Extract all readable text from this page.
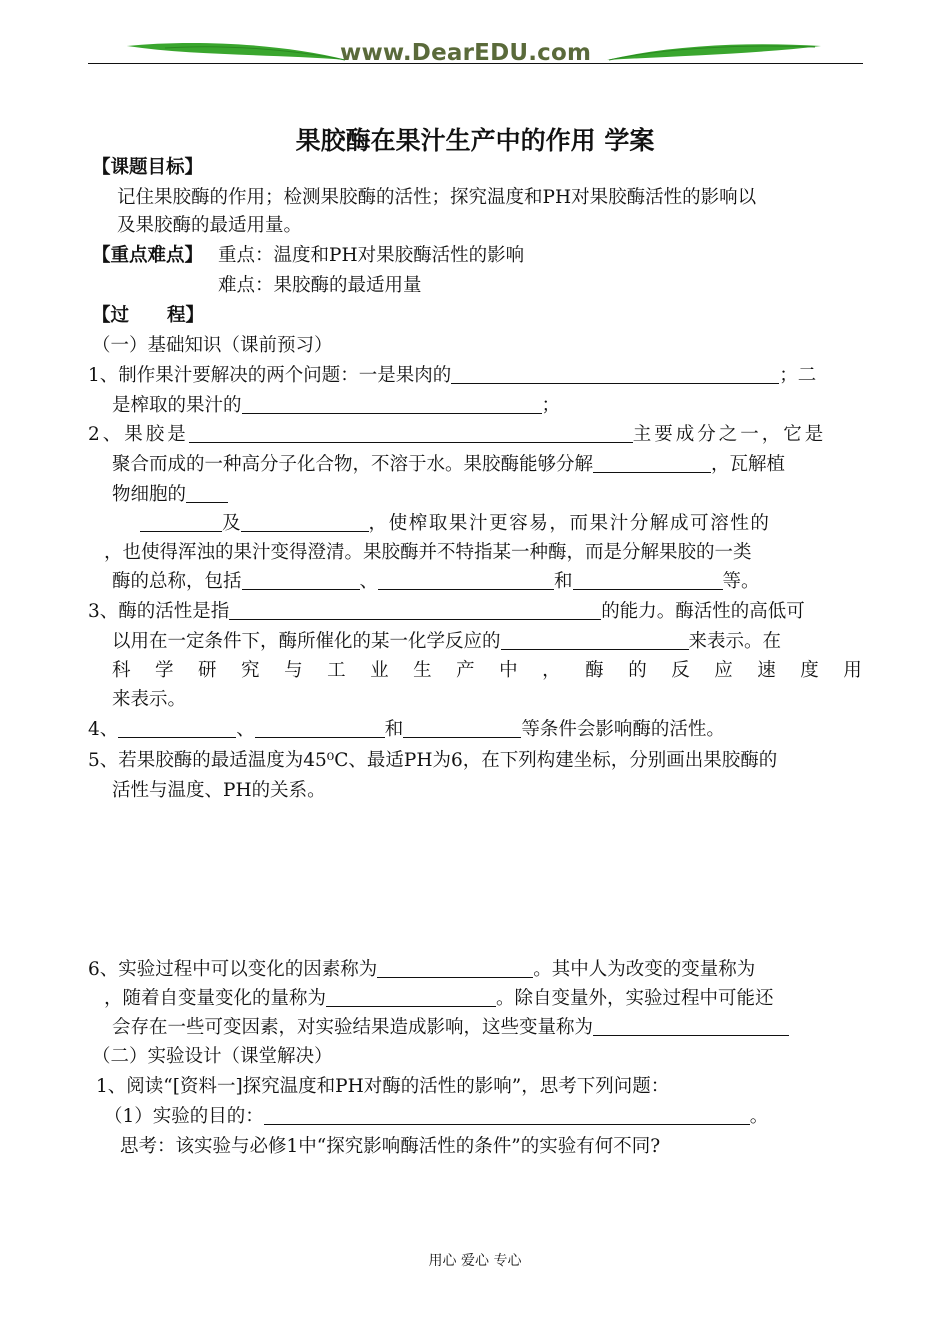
www.DearEDU.com
果胶酶在果汁生产中的作用 学案
【课题目标】
记住果胶酶的作用；检测果胶酶的活性；探究温度和PH对果胶酶活性的影响以
及果胶酶的最适用量。
【重点难点】 重点：温度和PH对果胶酶活性的影响
难点：果胶酶的最适用量
【过 程】
（一）基础知识（课前预习）
1、制作果汁要解决的两个问题：一是果肉的	；二
是榨取的果汁的	；
2、果胶是	主要成分之一，它是
聚合而成的一种高分子化合物，不溶于水。果胶酶能够分解	，瓦解植
物细胞的
及	，使榨取果汁更容易，而果汁分解成可溶性的
，也使得浑浊的果汁变得澄清。果胶酶并不特指某一种酶，而是分解果胶的一类
酶的总称，包括	、	和	等。
3、酶的活性是指	的能力。酶活性的高低可
以用在一定条件下，酶所催化的某一化学反应的	来表示。在
科 学 研 究 与 工 业 生 产 中 ， 酶 的 反 应 速 度 用
来表示。
4、	、	和	等条件会影响酶的活性。
5、若果胶酶的最适温度为45⁰C、最适PH为6，在下列构建坐标，分别画出果胶酶的
活性与温度、PH的关系。
6、实验过程中可以变化的因素称为	。其中人为改变的变量称为
，随着自变量变化的量称为	。除自变量外，实验过程中可能还
会存在一些可变因素，对实验结果造成影响，这些变量称为
（二）实验设计（课堂解决）
1、阅读“[资料一]探究温度和PH对酶的活性的影响”，思考下列问题：
（1）实验的目的：	。
思考：该实验与必修1中“探究影响酶活性的条件”的实验有何不同?
用心 爱心 专心
